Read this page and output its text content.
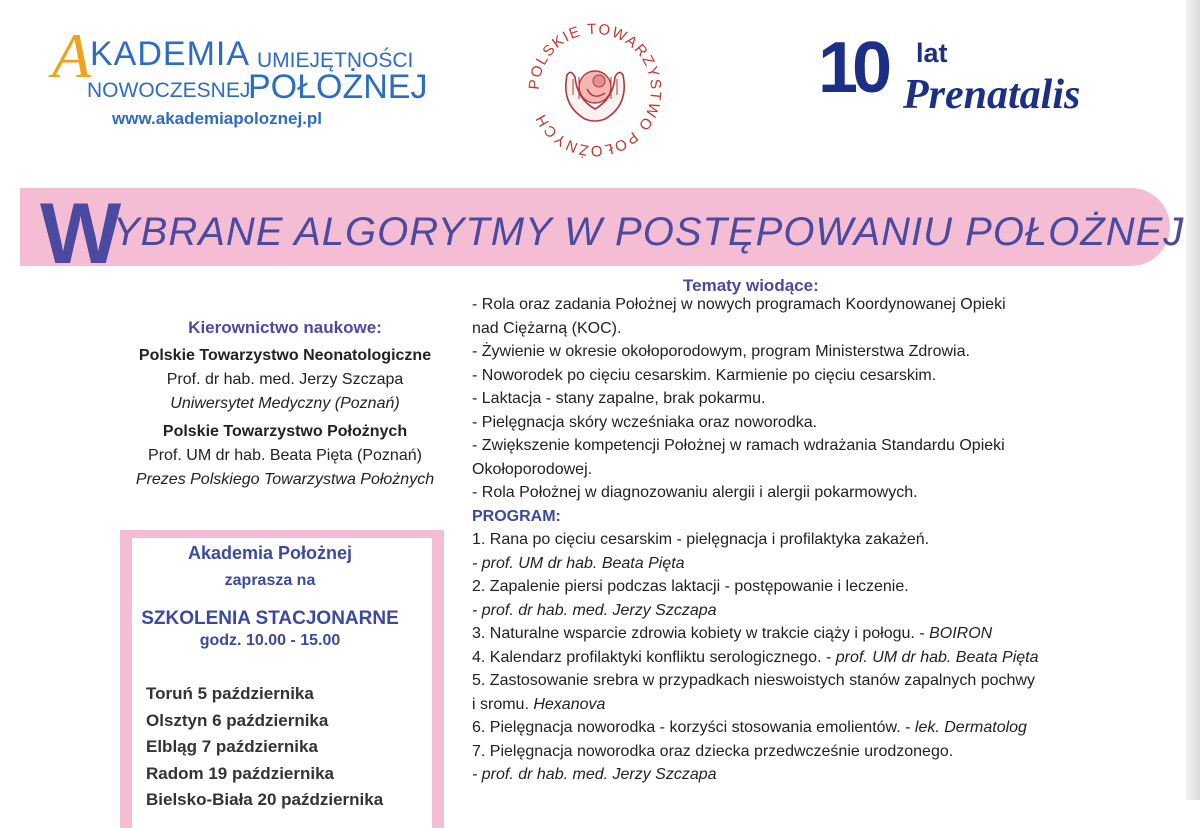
A
KADEMIA UMIEJĘTNOŚCI
NOWOCZESNEJ
POŁOŻNEJ
www.akademiapoloznej.pl
POLSKIE TOWARZYSTWO POŁOŻNYCH
10 lat
Prenatalis
W
YBRANE ALGORYTMY W POSTĘPOWANIU POŁOŻNEJ
Kierownictwo naukowe:
Polskie Towarzystwo Neonatologiczne
Prof. dr hab. med. Jerzy Szczapa
Uniwersytet Medyczny (Poznań)
Polskie Towarzystwo Położnych
Prof. UM dr hab. Beata Pięta (Poznań)
Prezes Polskiego Towarzystwa Położnych
Akademia Położnej
zaprasza na
SZKOLENIA STACJONARNE
godz. 10.00 - 15.00
Toruń 5 października
Olsztyn 6 października
Elbląg 7 października
Radom 19 października
Bielsko-Biała 20 października
Tematy wiodące:
- Rola oraz zadania Położnej w nowych programach Koordynowanej Opieki
nad Ciężarną (KOC).
- Żywienie w okresie okołoporodowym, program Ministerstwa Zdrowia.
- Noworodek po cięciu cesarskim. Karmienie po cięciu cesarskim.
- Laktacja - stany zapalne, brak pokarmu.
- Pielęgnacja skóry wcześniaka oraz noworodka.
- Zwiększenie kompetencji Położnej w ramach wdrażania Standardu Opieki
Okołoporodowej.
- Rola Położnej w diagnozowaniu alergii i alergii pokarmowych.
PROGRAM:
1. Rana po cięciu cesarskim - pielęgnacja i profilaktyka zakażeń.
- prof. UM dr hab. Beata Pięta
2. Zapalenie piersi podczas laktacji - postępowanie i leczenie.
- prof. dr hab. med. Jerzy Szczapa
3. Naturalne wsparcie zdrowia kobiety w trakcie ciąży i połogu. - BOIRON
4. Kalendarz profilaktyki konfliktu serologicznego. - prof. UM dr hab. Beata Pięta
5. Zastosowanie srebra w przypadkach nieswoistych stanów zapalnych pochwy
i sromu. Hexanova
6. Pielęgnacja noworodka - korzyści stosowania emolientów. - lek. Dermatolog
7. Pielęgnacja noworodka oraz dziecka przedwcześnie urodzonego.
- prof. dr hab. med. Jerzy Szczapa
